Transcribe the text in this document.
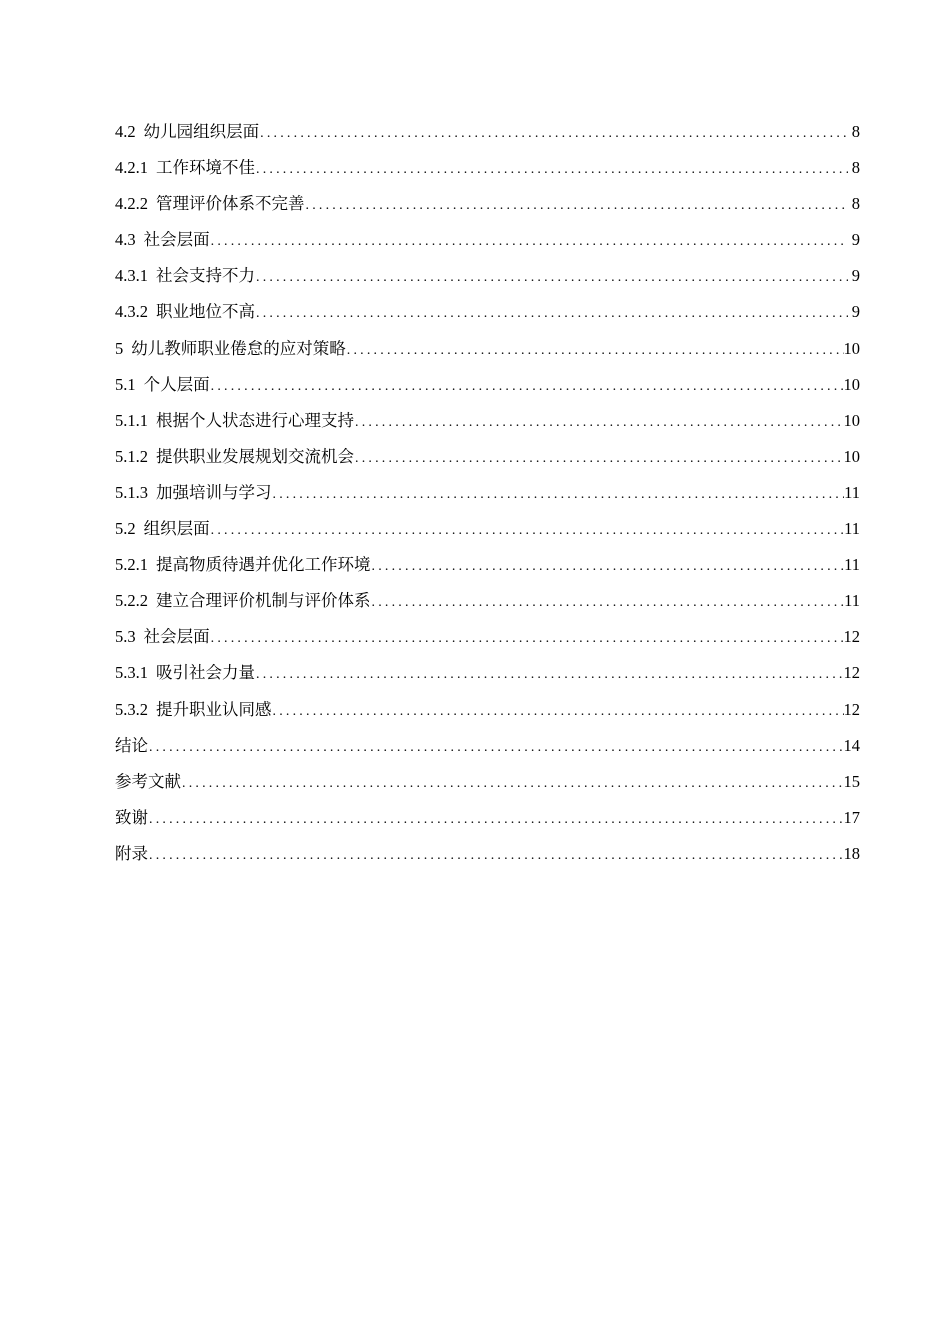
4.2 幼儿园组织层面 .....	8
4.2.1 工作环境不佳 .....	8
4.2.2 管理评价体系不完善 .....	8
4.3 社会层面 .....	9
4.3.1 社会支持不力 .....	9
4.3.2 职业地位不高 .....	9
5 幼儿教师职业倦怠的应对策略 .....	10
5.1 个人层面 .....	10
5.1.1 根据个人状态进行心理支持 .....	10
5.1.2 提供职业发展规划交流机会 .....	10
5.1.3 加强培训与学习 .....	11
5.2 组织层面 .....	11
5.2.1 提高物质待遇并优化工作环境 .....	11
5.2.2 建立合理评价机制与评价体系 .....	11
5.3 社会层面 .....	12
5.3.1 吸引社会力量 .....	12
5.3.2 提升职业认同感 .....	12
结论 .....	14
参考文献 .....	15
致谢 .....	17
附录 .....	18
